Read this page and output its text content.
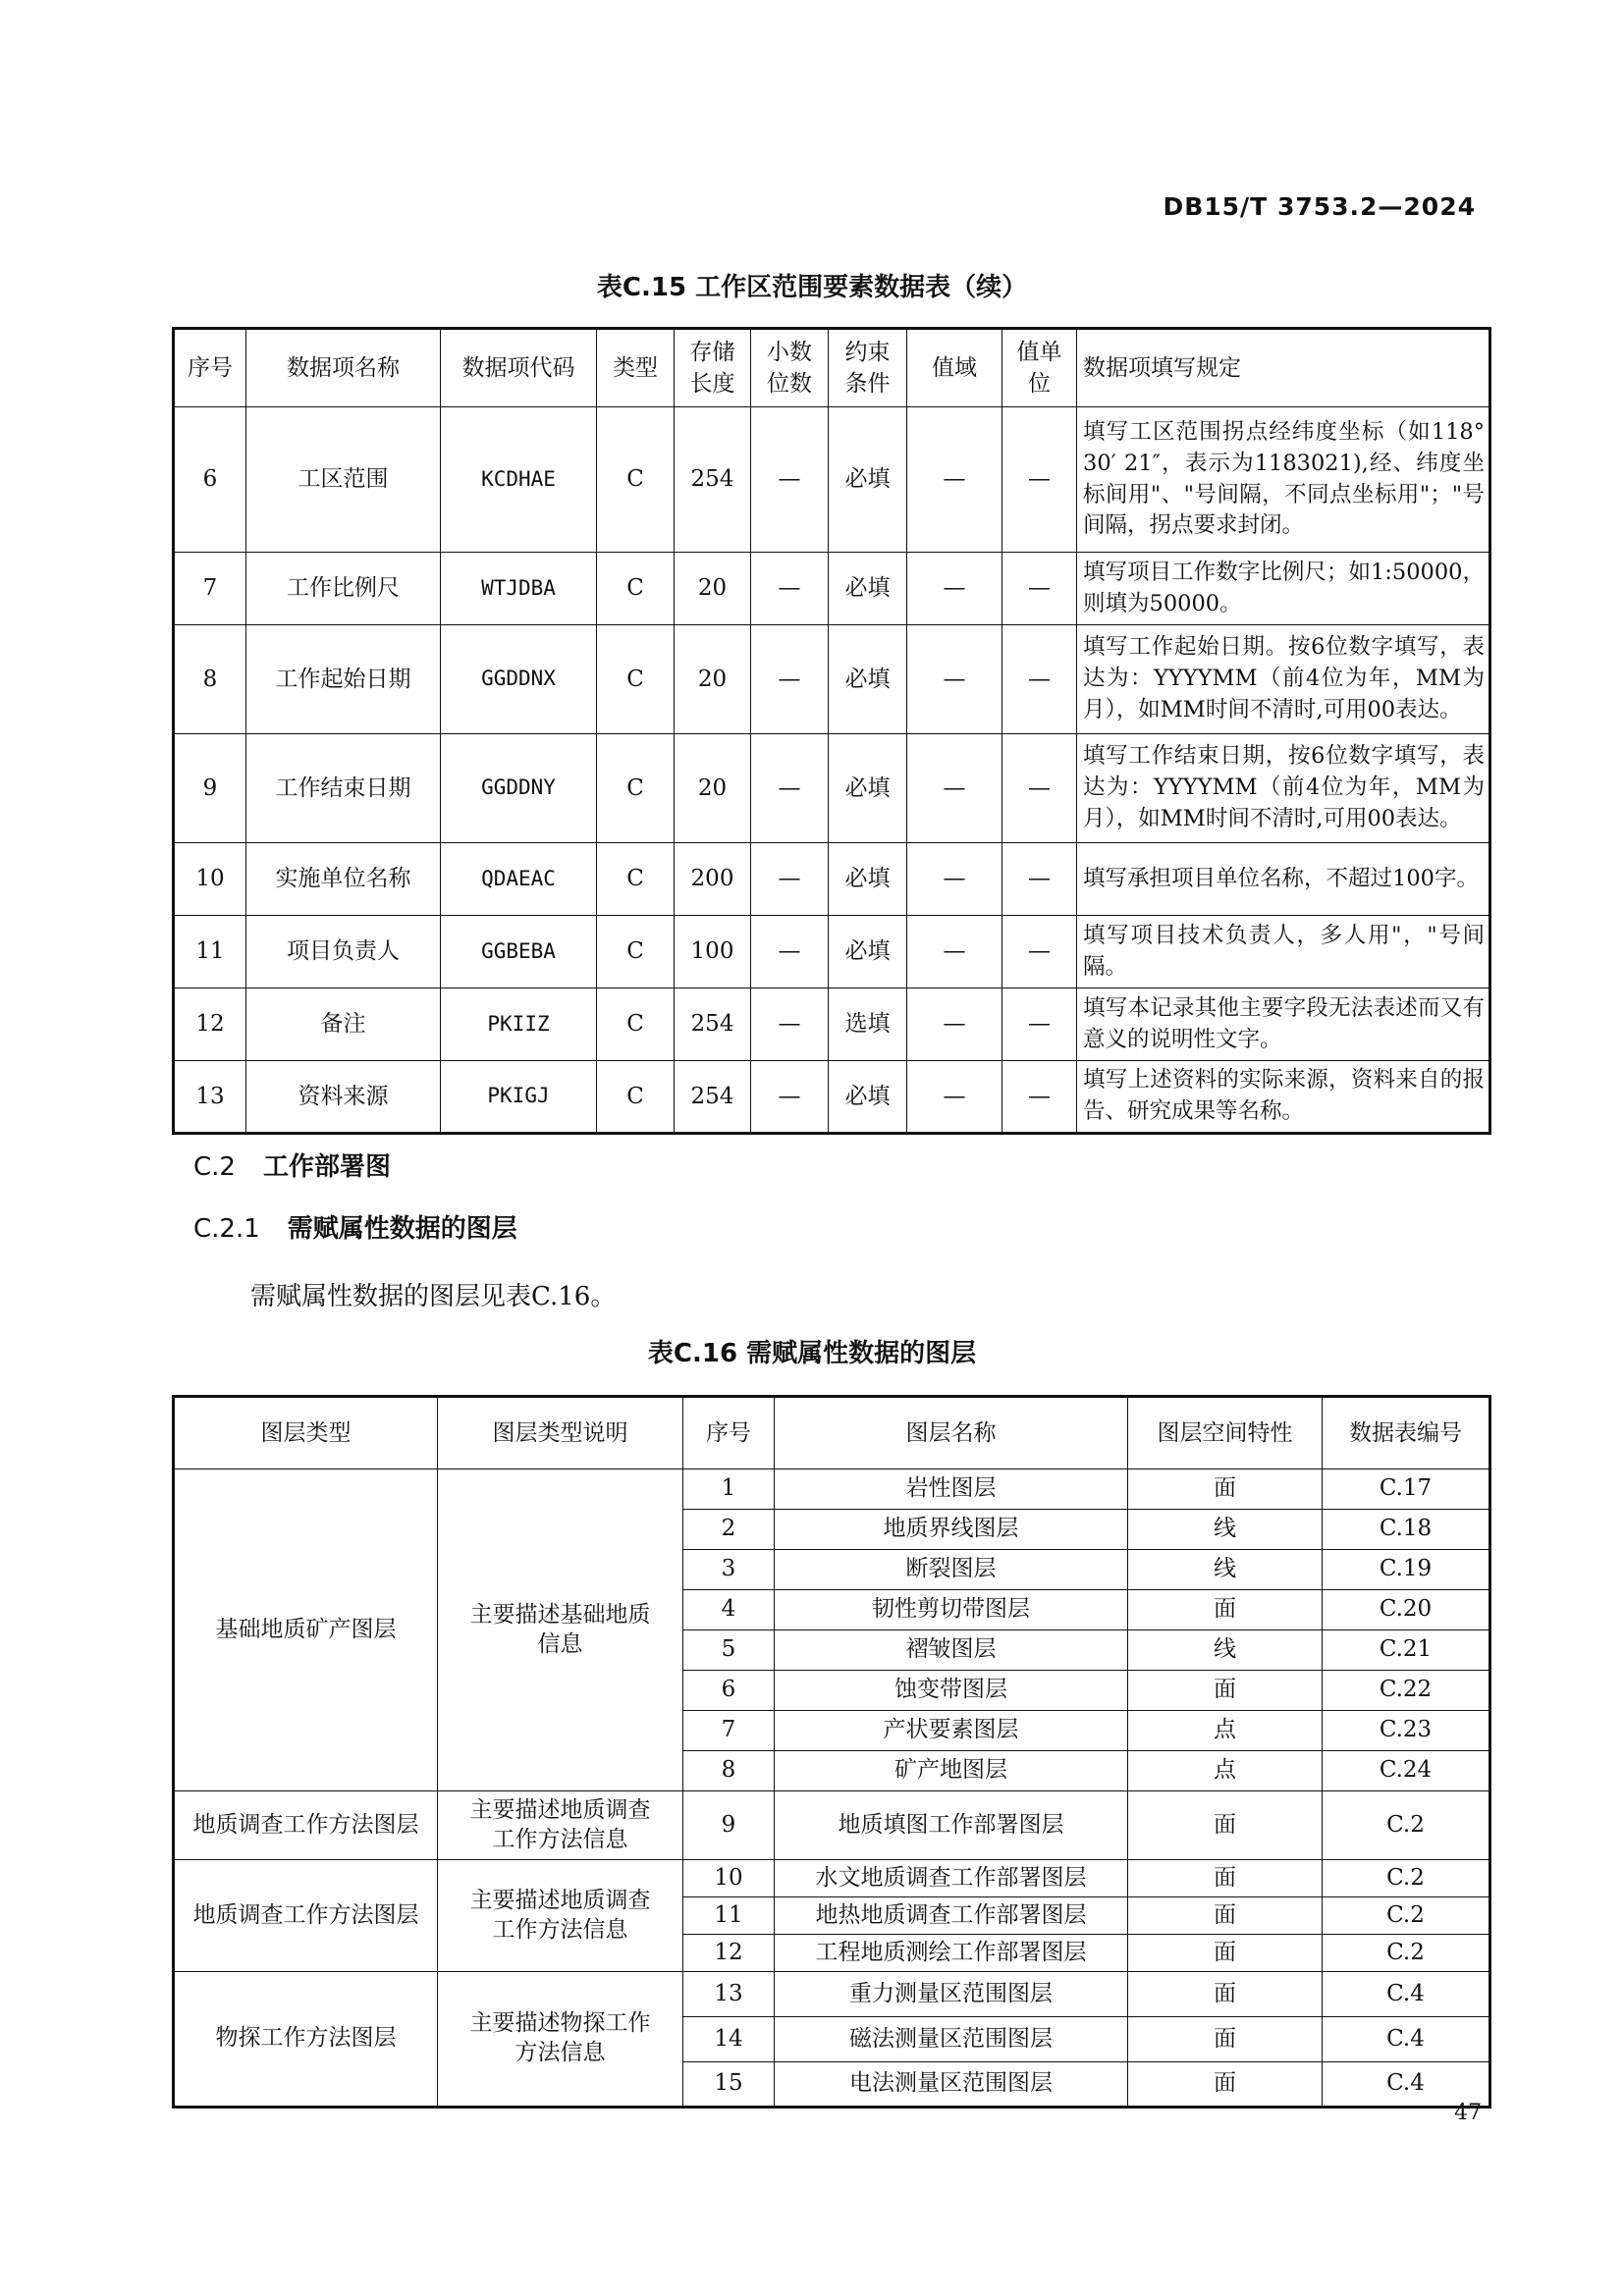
DB15/T 3753.2—2024
表C.15 工作区范围要素数据表（续）
序号	数据项名称	数据项代码	类型	存储长度	小数位数	约束条件	值域	值单位	数据项填写规定
6	工区范围	KCDHAE	C	254	—	必填	—	—	填写工区范围拐点经纬度坐标（如118° 30′ 21″，表示为1183021),经、纬度坐标间用"、"号间隔，不同点坐标用"；"号间隔，拐点要求封闭。
7	工作比例尺	WTJDBA	C	20	—	必填	—	—	填写项目工作数字比例尺；如1:50000，则填为50000。
8	工作起始日期	GGDDNX	C	20	—	必填	—	—	填写工作起始日期。按6位数字填写，表达为：YYYYMM（前4位为年，MM为月），如MM时间不清时,可用00表达。
9	工作结束日期	GGDDNY	C	20	—	必填	—	—	填写工作结束日期，按6位数字填写，表达为：YYYYMM（前4位为年，MM为月），如MM时间不清时,可用00表达。
10	实施单位名称	QDAEAC	C	200	—	必填	—	—	填写承担项目单位名称，不超过100字。
11	项目负责人	GGBEBA	C	100	—	必填	—	—	填写项目技术负责人，多人用"，"号间隔。
12	备注	PKIIZ	C	254	—	选填	—	—	填写本记录其他主要字段无法表述而又有意义的说明性文字。
13	资料来源	PKIGJ	C	254	—	必填	—	—	填写上述资料的实际来源，资料来自的报告、研究成果等名称。
C.2 工作部署图
C.2.1 需赋属性数据的图层
需赋属性数据的图层见表C.16。
表C.16 需赋属性数据的图层
图层类型	图层类型说明	序号	图层名称	图层空间特性	数据表编号
基础地质矿产图层	主要描述基础地质信息	1	岩性图层	面	C.17
		2	地质界线图层	线	C.18
		3	断裂图层	线	C.19
		4	韧性剪切带图层	面	C.20
		5	褶皱图层	线	C.21
		6	蚀变带图层	面	C.22
		7	产状要素图层	点	C.23
		8	矿产地图层	点	C.24
地质调查工作方法图层	主要描述地质调查工作方法信息	9	地质填图工作部署图层	面	C.2
地质调查工作方法图层	主要描述地质调查工作方法信息	10	水文地质调查工作部署图层	面	C.2
		11	地热地质调查工作部署图层	面	C.2
		12	工程地质测绘工作部署图层	面	C.2
物探工作方法图层	主要描述物探工作方法信息	13	重力测量区范围图层	面	C.4
		14	磁法测量区范围图层	面	C.4
		15	电法测量区范围图层	面	C.4
47
